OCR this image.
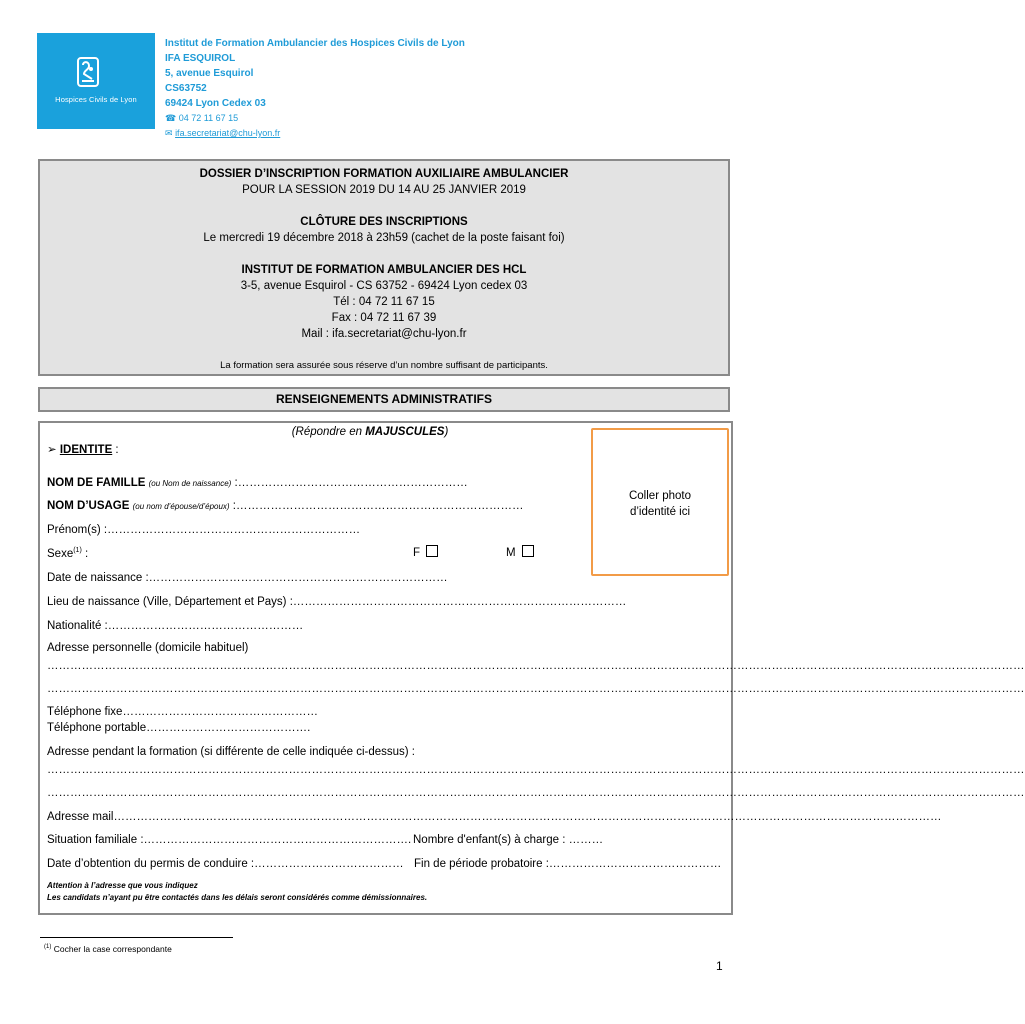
Hospices Civils de Lyon
Institut de Formation Ambulancier des Hospices Civils de Lyon
IFA ESQUIROL
5, avenue Esquirol
CS63752
69424 Lyon Cedex 03
☎ 04 72 11 67 15
✉ ifa.secretariat@chu-lyon.fr

DOSSIER D’INSCRIPTION FORMATION AUXILIAIRE AMBULANCIER

POUR LA SESSION 2019 DU 14 AU 25 JANVIER 2019

CLÔTURE DES INSCRIPTIONS

Le mercredi 19 décembre 2018 à 23h59 (cachet de la poste faisant foi)

INSTITUT DE FORMATION AMBULANCIER DES HCL

3-5, avenue Esquirol - CS 63752 - 69424 Lyon cedex 03

Tél : 04 72 11 67 15

Fax : 04 72 11 67 39

Mail : ifa.secretariat@chu-lyon.fr

La formation sera assurée sous réserve d’un nombre suffisant de participants.

RENSEIGNEMENTS ADMINISTRATIFS
(Répondre en MAJUSCULES)
Coller photo
d’identité ici
➢ IDENTITE :
NOM DE FAMILLE (ou Nom de naissance) :……………………………………………………
NOM D’USAGE (ou nom d’épouse/d’époux) :…………………………………………………………………
Prénom(s) :…………………………………………………………
Sexe$^{(1)}$ :	F	M
Date de naissance :……………………………………………………………………
Lieu de naissance (Ville, Département et Pays) :……………………………………………………………………………
Nationalité :……………………………………………
Adresse personnelle (domicile habituel)
…………………………………………………………………………………………………………………………………………………………………………………………………………………………………
…………………………………………………………………………………………………………………………………………………………………………………………………………………………………
Téléphone fixe……………………………………………
Téléphone portable…………………………………….
Adresse pendant la formation (si différente de celle indiquée ci-dessus) :
…………………………………………………………………………………………………………………………………………………………………………………………………………………………………
…………………………………………………………………………………………………………………………………………………………………………………………………………………………………
Adresse mail………………………………………………………………………………………………………………………………………………………………………………………………
Situation familiale :……………………………………………………………. Nombre d'enfant(s) à charge : ………
Date d’obtention du permis de conduire :………………………………… Fin de période probatoire :………………………………………
Attention à l’adresse que vous indiquez
Les candidats n’ayant pu être contactés dans les délais seront considérés comme démissionnaires.
$^{(1)}$ Cocher la case correspondante
1
